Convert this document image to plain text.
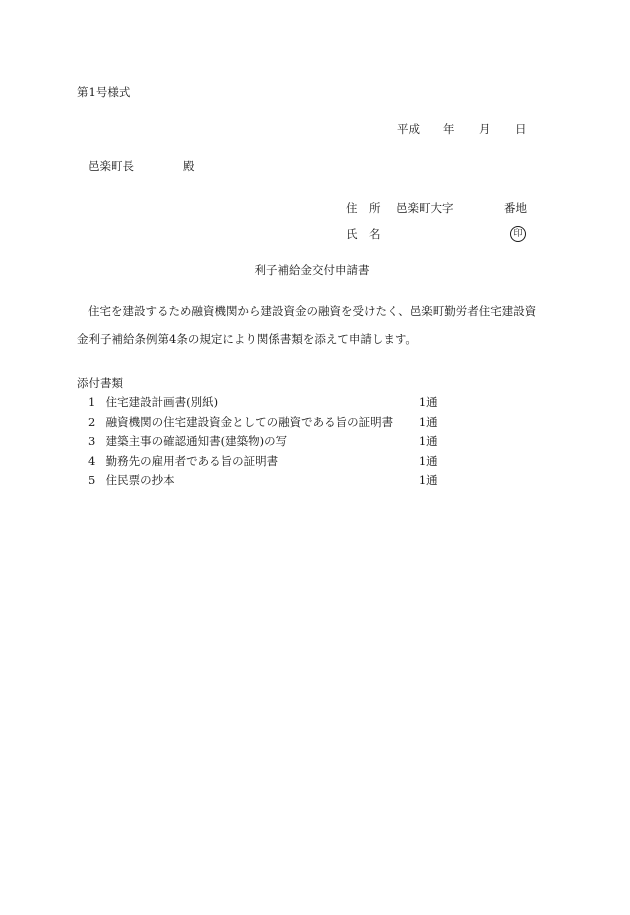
第1号様式
平成 年 月 日
邑楽町長	殿
住　所 邑楽町大字	番地
氏　名	印
利子補給金交付申請書
住宅を建設するため融資機関から建設資金の融資を受けたく、邑楽町勤労者住宅建設資
金利子補給条例第4条の規定により関係書類を添えて申請します。
添付書類
1 住宅建設計画書(別紙)	1通
2 融資機関の住宅建設資金としての融資である旨の証明書	1通
3 建築主事の確認通知書(建築物)の写	1通
4 勤務先の雇用者である旨の証明書	1通
5 住民票の抄本	1通
